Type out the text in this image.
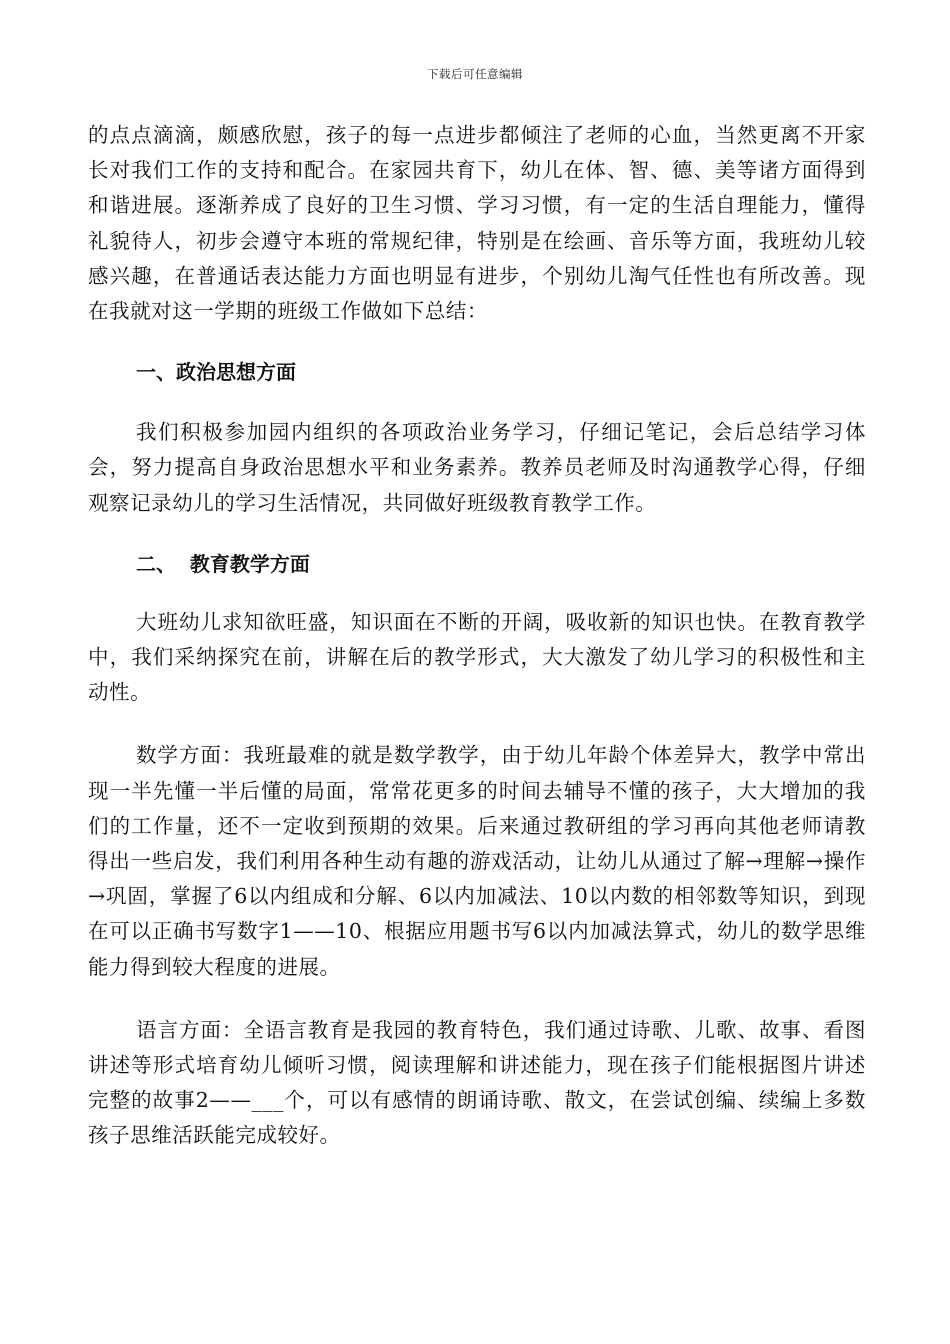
下载后可任意编辑

的点点滴滴，颇感欣慰，孩子的每一点进步都倾注了老师的心血，当然更离不开家长对我们工作的支持和配合。在家园共育下，幼儿在体、智、德、美等诸方面得到和谐进展。逐渐养成了良好的卫生习惯、学习习惯，有一定的生活自理能力，懂得礼貌待人，初步会遵守本班的常规纪律，特别是在绘画、音乐等方面，我班幼儿较感兴趣，在普通话表达能力方面也明显有进步，个别幼儿淘气任性也有所改善。现在我就对这一学期的班级工作做如下总结：

一、政治思想方面

我们积极参加园内组织的各项政治业务学习，仔细记笔记，会后总结学习体会，努力提高自身政治思想水平和业务素养。教养员老师及时沟通教学心得，仔细观察记录幼儿的学习生活情况，共同做好班级教育教学工作。

二、  教育教学方面

大班幼儿求知欲旺盛，知识面在不断的开阔，吸收新的知识也快。在教育教学中，我们采纳探究在前，讲解在后的教学形式，大大激发了幼儿学习的积极性和主动性。

数学方面：我班最难的就是数学教学，由于幼儿年龄个体差异大，教学中常出现一半先懂一半后懂的局面，常常花更多的时间去辅导不懂的孩子，大大增加的我们的工作量，还不一定收到预期的效果。后来通过教研组的学习再向其他老师请教得出一些启发，我们利用各种生动有趣的游戏活动，让幼儿从通过了解→理解→操作→巩固，掌握了6以内组成和分解、6以内加减法、10以内数的相邻数等知识，到现在可以正确书写数字1——10、根据应用题书写6以内加减法算式，幼儿的数学思维能力得到较大程度的进展。

语言方面：全语言教育是我园的教育特色，我们通过诗歌、儿歌、故事、看图讲述等形式培育幼儿倾听习惯，阅读理解和讲述能力，现在孩子们能根据图片讲述完整的故事2——___个，可以有感情的朗诵诗歌、散文，在尝试创编、续编上多数孩子思维活跃能完成较好。
